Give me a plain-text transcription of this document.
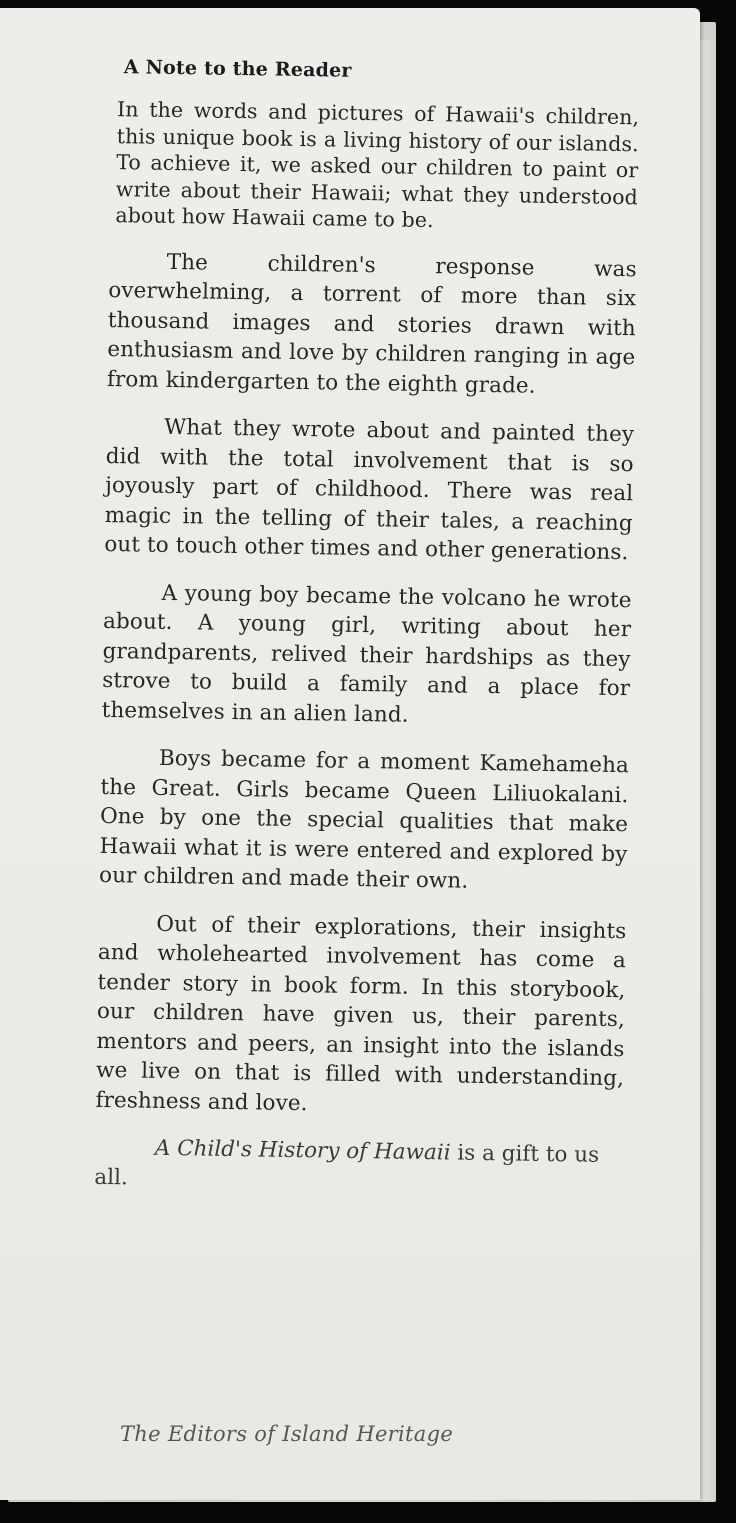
A Note to the Reader

In the words and pictures of Hawaii's children, this unique book is a living history of our islands. To achieve it, we asked our children to paint or write about their Hawaii; what they understood about how Hawaii came to be.

The children's response was overwhelming, a torrent of more than six thousand images and stories drawn with enthusiasm and love by children ranging in age from kindergarten to the eighth grade.

What they wrote about and painted they did with the total involvement that is so joyously part of childhood. There was real magic in the telling of their tales, a reaching out to touch other times and other generations.

A young boy became the volcano he wrote about. A young girl, writing about her grandparents, relived their hardships as they strove to build a family and a place for themselves in an alien land.

Boys became for a moment Kamehameha the Great. Girls became Queen Liliuokalani. One by one the special qualities that make Hawaii what it is were entered and explored by our children and made their own.

Out of their explorations, their insights and wholehearted involvement has come a tender story in book form. In this storybook, our children have given us, their parents, mentors and peers, an insight into the islands we live on that is filled with understanding, freshness and love.

A Child's History of Hawaii is a gift to us all.

The Editors of Island Heritage
